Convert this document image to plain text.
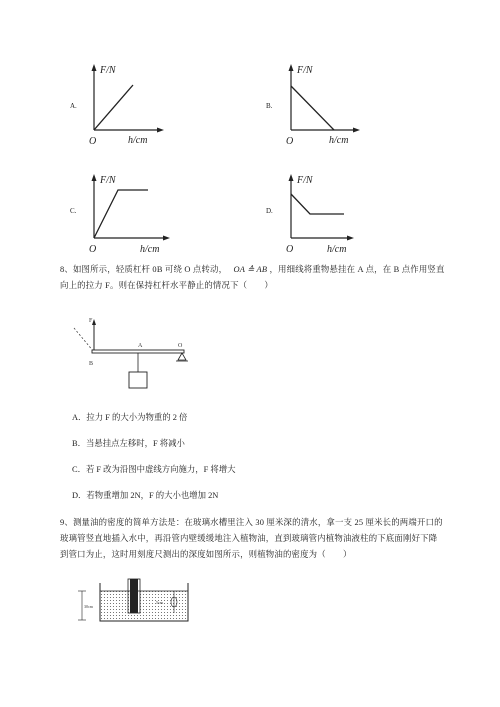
A.
F/N
O	h/cm
B.
F/N
O	h/cm
C.
F/N
O	h/cm
D.
F/N
O	h/cm
8、如图所示，轻质杠杆 0B 可绕 O 点转动， OA ≙ AB ，用细线将重物悬挂在 A 点，在 B 点作用竖直
向上的拉力 F。则在保持杠杆水平静止的情况下（　　）
F
A	O
B
A．拉力 F 的大小为物重的 2 倍
B．当悬挂点左移时，F 将减小
C．若 F 改为沿图中虚线方向施力，F 将增大
D．若物重增加 2N，F 的大小也增加 2N
9、测量油的密度的简单方法是：在玻璃水槽里注入 30 厘米深的清水，拿一支 25 厘米长的两端开口的
玻璃管竖直地插入水中，再沿管内壁缓缓地注入植物油，直到玻璃管内植物油液柱的下底面刚好下降
到管口为止，这时用刻度尺测出的深度如图所示，则植物油的密度为（　　）
30cm
5cm
